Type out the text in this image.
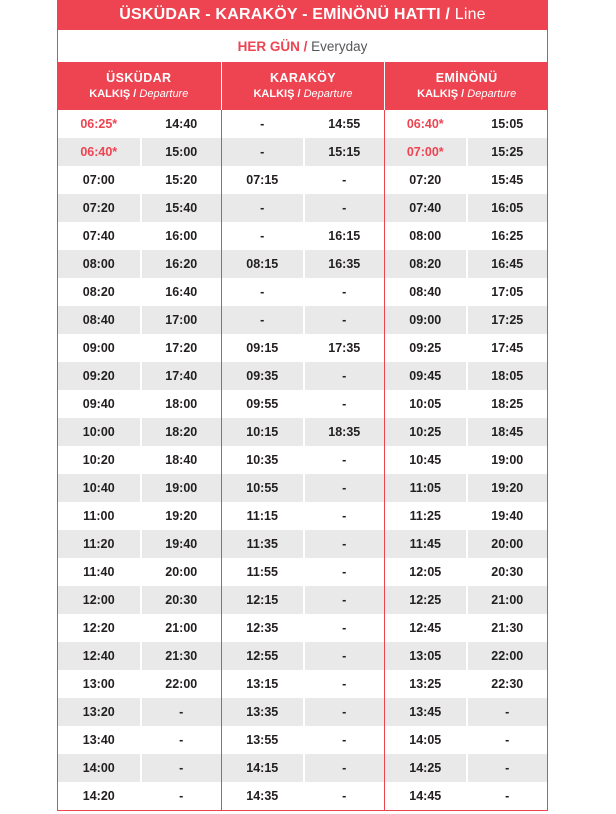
ÜSKÜDAR - KARAKÖY - EMİNÖNÜ HATTI / Line
HER GÜN / Everyday
ÜSKÜDAR
KALKIŞ / Departure
KARAKÖY
KALKIŞ / Departure
EMİNÖNÜ
KALKIŞ / Departure
06:25*	14:40	-	14:55	06:40*	15:05
06:40*	15:00	-	15:15	07:00*	15:25
07:00	15:20	07:15	-	07:20	15:45
07:20	15:40	-	-	07:40	16:05
07:40	16:00	-	16:15	08:00	16:25
08:00	16:20	08:15	16:35	08:20	16:45
08:20	16:40	-	-	08:40	17:05
08:40	17:00	-	-	09:00	17:25
09:00	17:20	09:15	17:35	09:25	17:45
09:20	17:40	09:35	-	09:45	18:05
09:40	18:00	09:55	-	10:05	18:25
10:00	18:20	10:15	18:35	10:25	18:45
10:20	18:40	10:35	-	10:45	19:00
10:40	19:00	10:55	-	11:05	19:20
11:00	19:20	11:15	-	11:25	19:40
11:20	19:40	11:35	-	11:45	20:00
11:40	20:00	11:55	-	12:05	20:30
12:00	20:30	12:15	-	12:25	21:00
12:20	21:00	12:35	-	12:45	21:30
12:40	21:30	12:55	-	13:05	22:00
13:00	22:00	13:15	-	13:25	22:30
13:20	-	13:35	-	13:45	-
13:40	-	13:55	-	14:05	-
14:00	-	14:15	-	14:25	-
14:20	-	14:35	-	14:45	-
